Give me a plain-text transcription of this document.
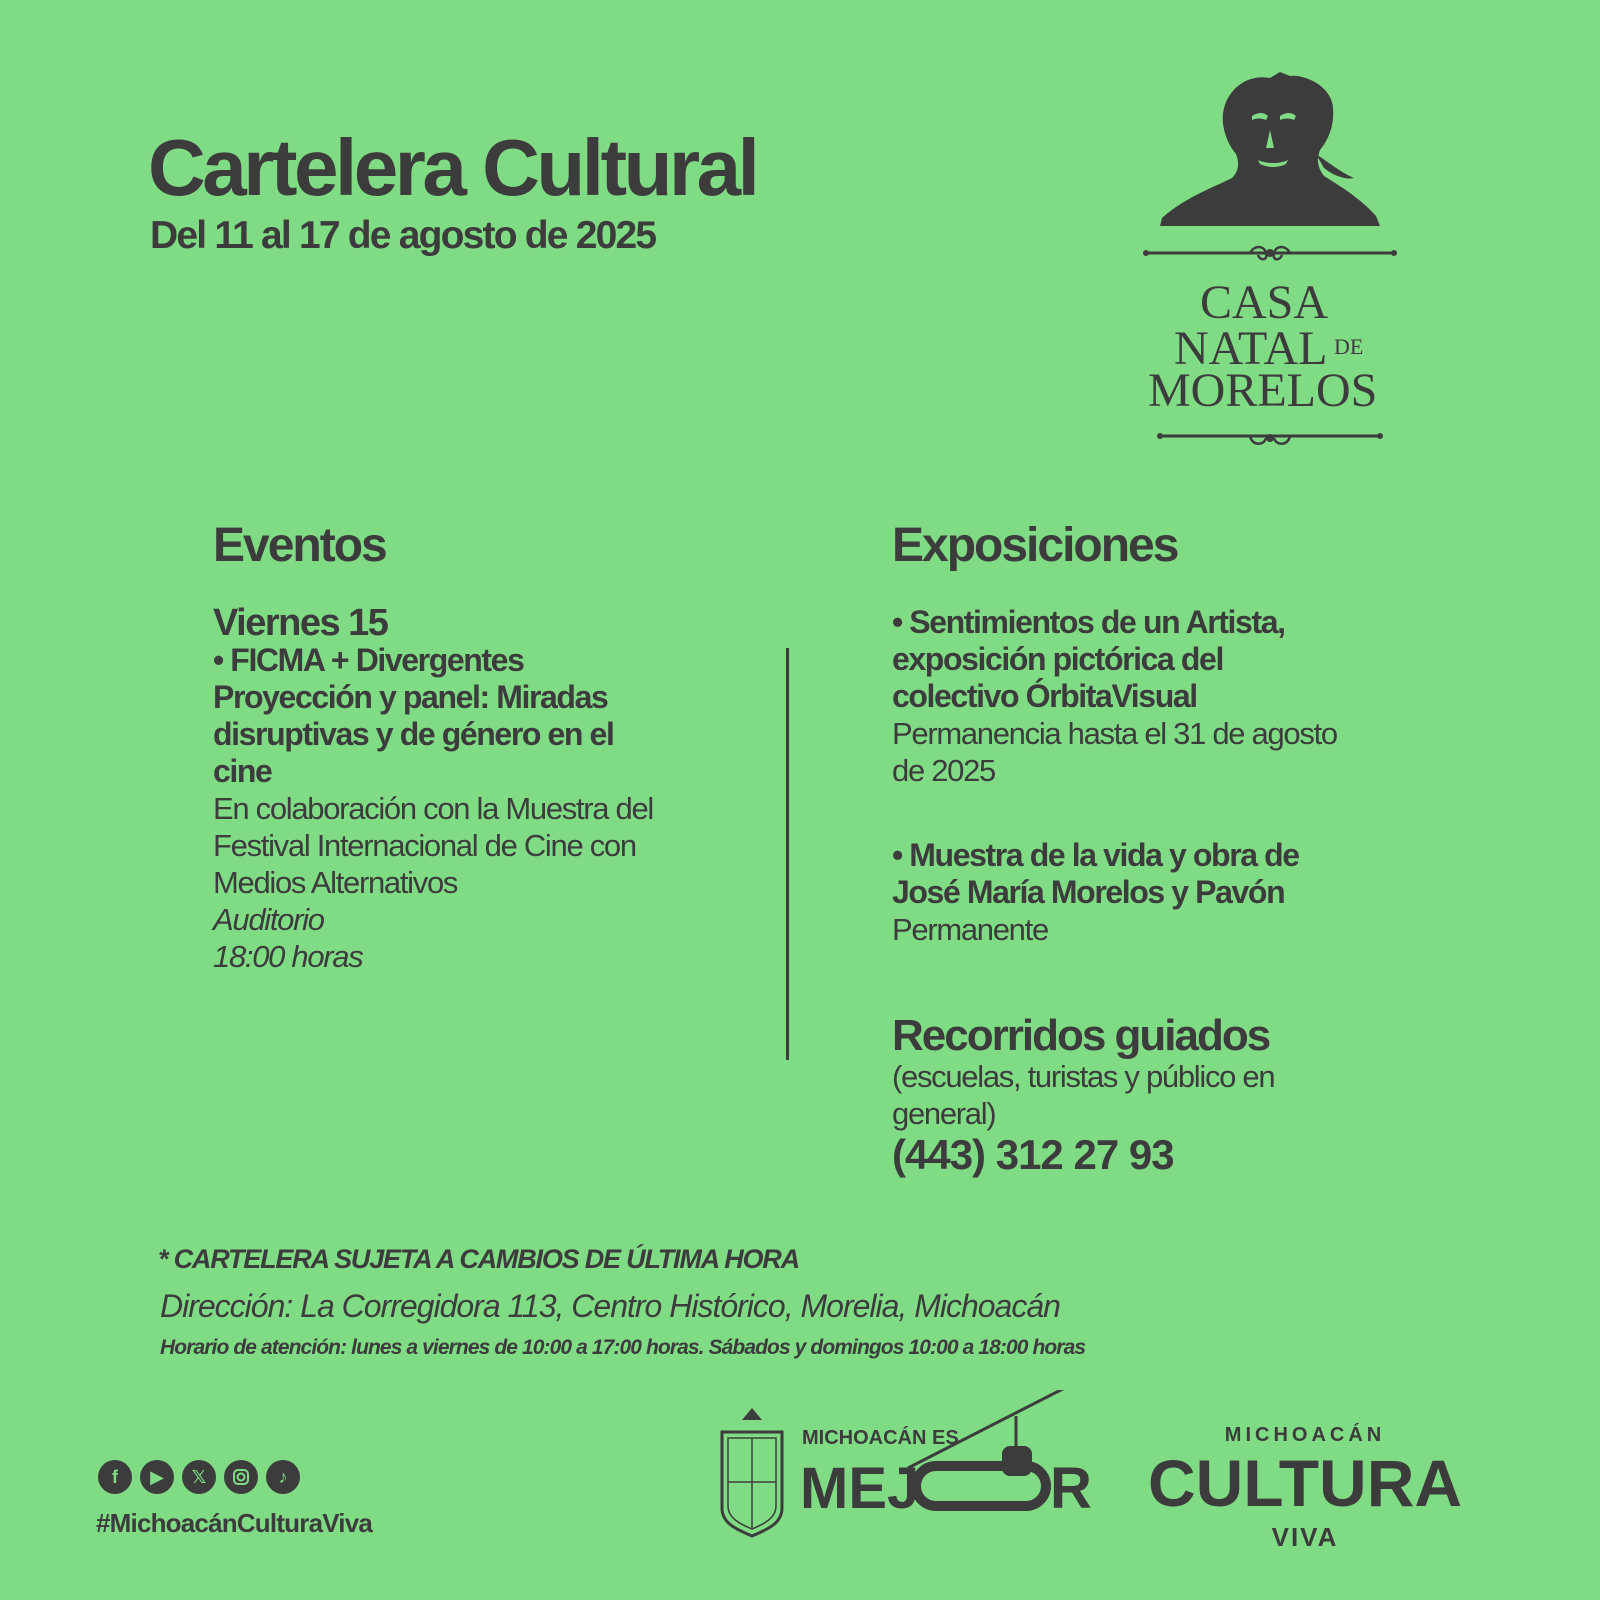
Cartelera Cultural
Del 11 al 17 de agosto de 2025
CASA
NATAL DE
MORELOS
Eventos
Viernes 15
• FICMA + Divergentes
Proyección y panel: Miradas
disruptivas y de género en el
cine
En colaboración con la Muestra del
Festival Internacional de Cine con
Medios Alternativos
Auditorio
18:00 horas
Exposiciones
• Sentimientos de un Artista,
exposición pictórica del
colectivo ÓrbitaVisual
Permanencia hasta el 31 de agosto
de 2025
• Muestra de la vida y obra de
José María Morelos y Pavón
Permanente
Recorridos guiados
(escuelas, turistas y público en
general)
(443) 312 27 93
* CARTELERA SUJETA A CAMBIOS DE ÚLTIMA HORA
Dirección: La Corregidora 113, Centro Histórico, Morelia, Michoacán
Horario de atención: lunes a viernes de 10:00 a 17:00 horas. Sábados y domingos 10:00 a 18:00 horas
f	▶	𝕏	♪
#MichoacánCulturaViva
MICHOACÁN ES
MEJ R
MICHOACÁN
CULTURA
VIVA
